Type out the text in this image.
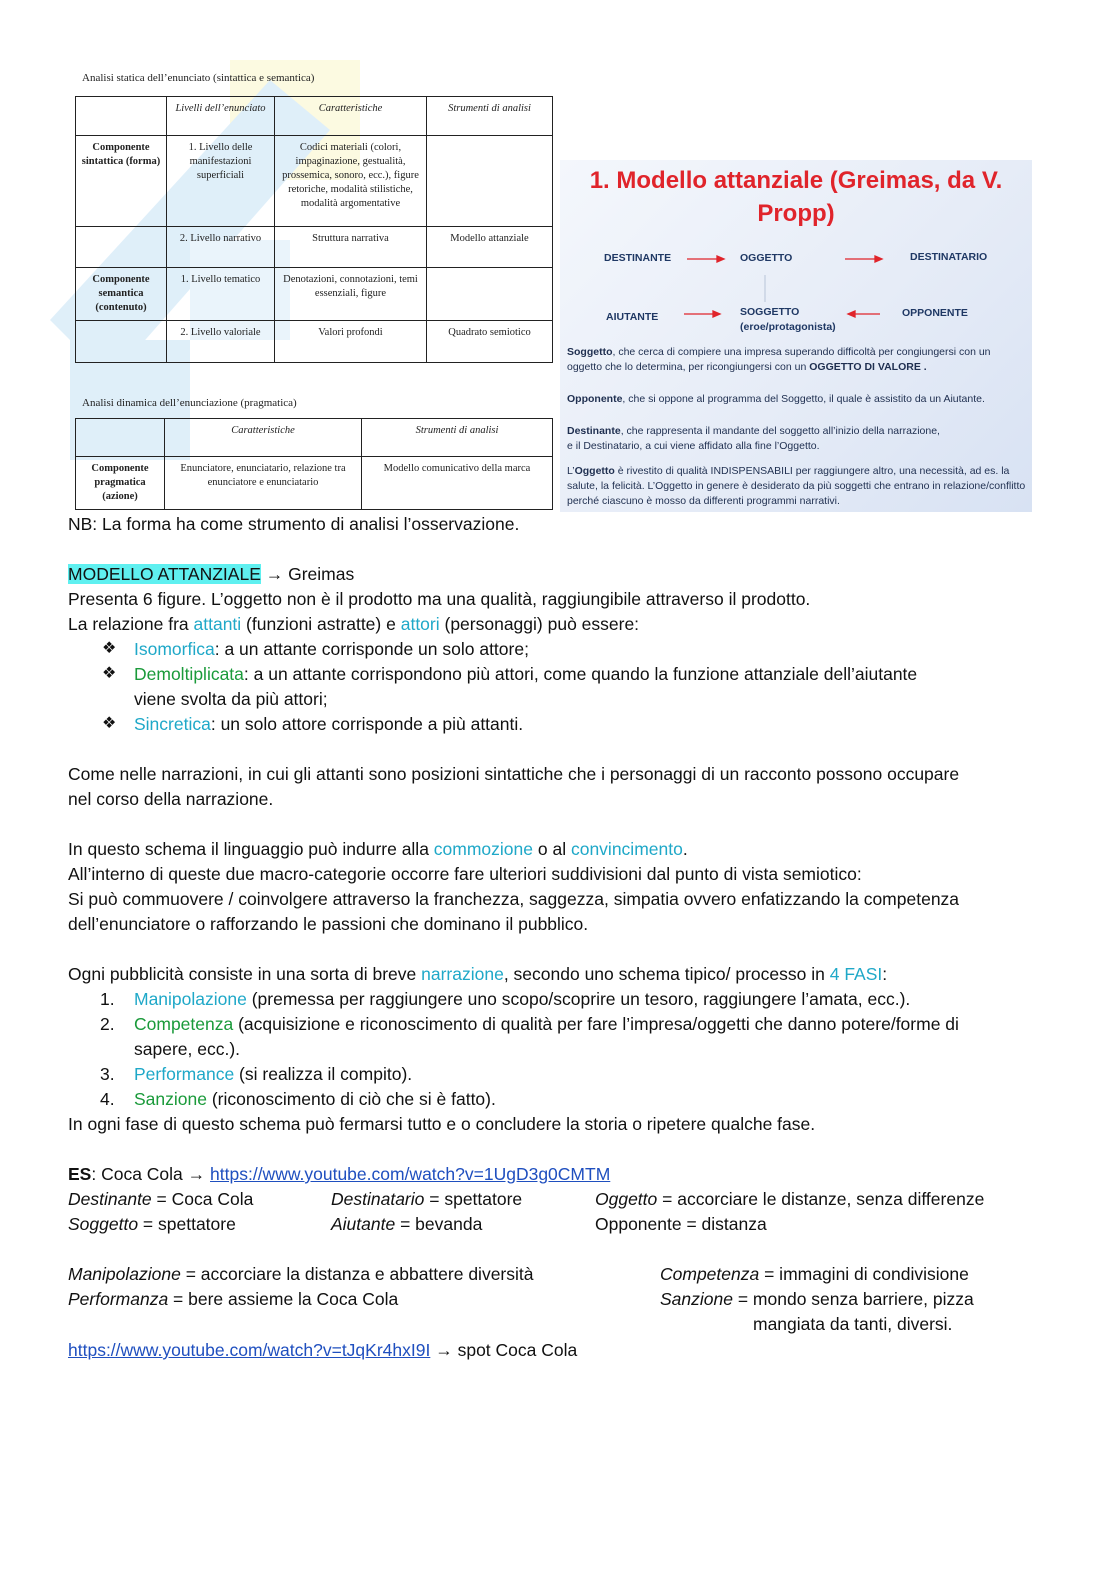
Analisi statica dell’enunciato (sintattica e semantica)
	Livelli dell’enunciato	Caratteristiche	Strumenti di analisi
Componente sintattica (forma)	1. Livello delle manifestazioni superficiali	Codici materiali (colori, impaginazione, gestualità, prossemica, sonoro, ecc.), figure retoriche, modalità stilistiche, modalità argomentative	
	2. Livello narrativo	Struttura narrativa	Modello attanziale
Componente semantica (contenuto)	1. Livello tematico	Denotazioni, connotazioni, temi essenziali, figure	
	2. Livello valoriale	Valori profondi	Quadrato semiotico
Analisi dinamica dell’enunciazione (pragmatica)
	Caratteristiche	Strumenti di analisi
Componente pragmatica (azione)	Enunciatore, enunciatario, relazione tra enunciatore e enunciatario	Modello comunicativo della marca
1. Modello attanziale (Greimas, da V. Propp)
DESTINANTE	OGGETTO	DESTINATARIO
AIUTANTE	SOGGETTO
(eroe/protagonista)
OPPONENTE
Soggetto, che cerca di compiere una impresa superando difficoltà per congiungersi con un oggetto che lo determina, per ricongiungersi con un OGGETTO DI VALORE .
Opponente, che si oppone al programma del Soggetto, il quale è assistito da un Aiutante.
Destinante, che rappresenta il mandante del soggetto all’inizio della narrazione,
e il Destinatario, a cui viene affidato alla fine l’Oggetto.
L’Oggetto è rivestito di qualità INDISPENSABILI per raggiungere altro, una necessità, ad es. la salute, la felicità. L’Oggetto in genere è desiderato da più soggetti che entrano in relazione/conflitto perché ciascuno è mosso da differenti programmi narrativi.
NB: La forma ha come strumento di analisi l’osservazione.
MODELLO ATTANZIALE → Greimas
Presenta 6 figure. L’oggetto non è il prodotto ma una qualità, raggiungibile attraverso il prodotto.
La relazione fra attanti (funzioni astratte) e attori (personaggi) può essere:
❖ Isomorfica: a un attante corrisponde un solo attore;
❖ Demoltiplicata: a un attante corrispondono più attori, come quando la funzione attanziale dell’aiutante
viene svolta da più attori;
❖ Sincretica: un solo attore corrisponde a più attanti.
Come nelle narrazioni, in cui gli attanti sono posizioni sintattiche che i personaggi di un racconto possono occupare
nel corso della narrazione.
In questo schema il linguaggio può indurre alla commozione o al convincimento.
All’interno di queste due macro-categorie occorre fare ulteriori suddivisioni dal punto di vista semiotico:
Si può commuovere / coinvolgere attraverso la franchezza, saggezza, simpatia ovvero enfatizzando la competenza
dell’enunciatore o rafforzando le passioni che dominano il pubblico.
Ogni pubblicità consiste in una sorta di breve narrazione, secondo uno schema tipico/ processo in 4 FASI:
1. Manipolazione (premessa per raggiungere uno scopo/scoprire un tesoro, raggiungere l’amata, ecc.).
2. Competenza (acquisizione e riconoscimento di qualità per fare l’impresa/oggetti che danno potere/forme di
sapere, ecc.).
3. Performance (si realizza il compito).
4. Sanzione (riconoscimento di ciò che si è fatto).
In ogni fase di questo schema può fermarsi tutto e o concludere la storia o ripetere qualche fase.
ES: Coca Cola → https://www.youtube.com/watch?v=1UgD3g0CMTM
Destinante = Coca Cola	Destinatario = spettatore	Oggetto = accorciare le distanze, senza differenze
Soggetto = spettatore	Aiutante = bevanda	Opponente = distanza
Manipolazione = accorciare la distanza e abbattere diversità	Competenza = immagini di condivisione
Performanza = bere assieme la Coca Cola	Sanzione = mondo senza barriere, pizza
mangiata da tanti, diversi.
https://www.youtube.com/watch?v=tJqKr4hxI9I → spot Coca Cola
